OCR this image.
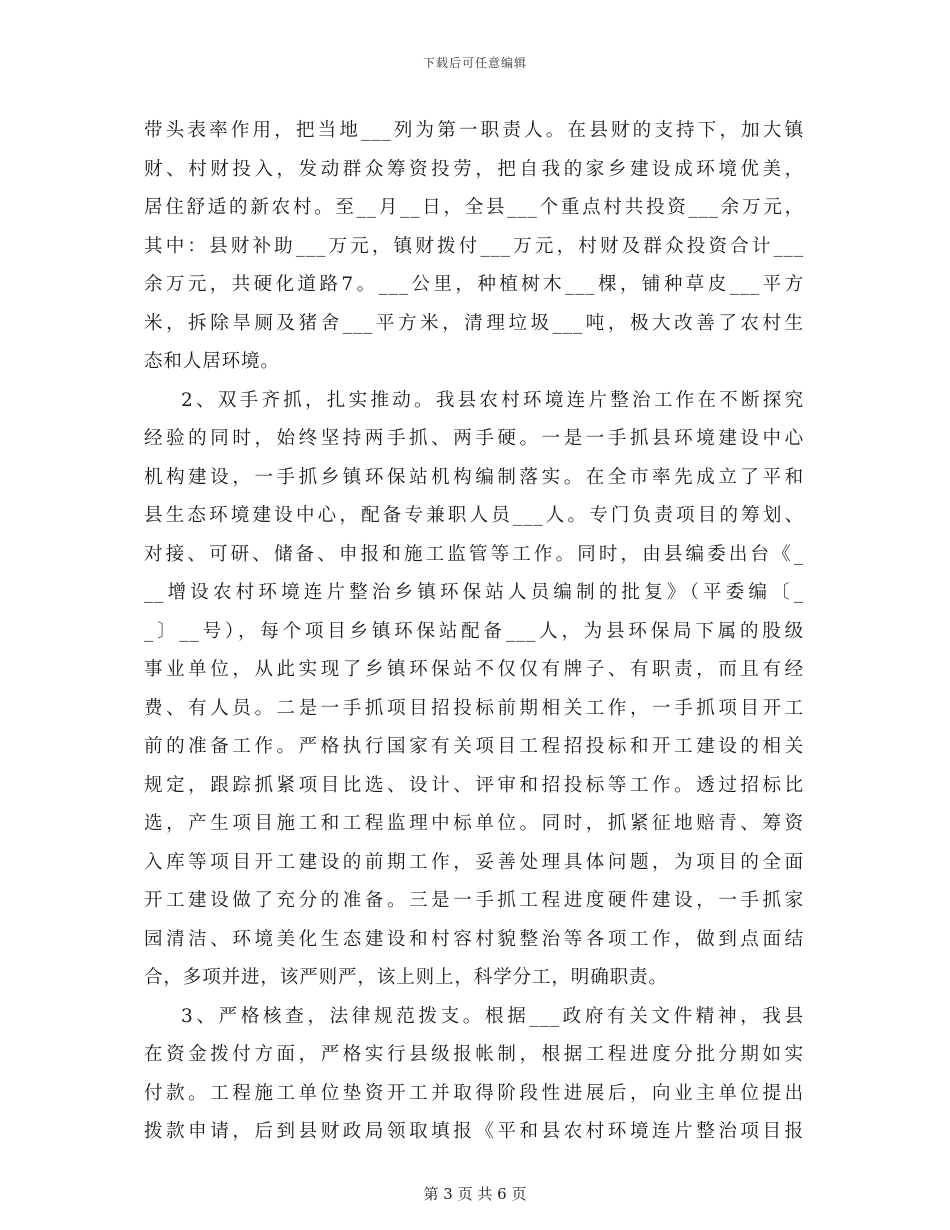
下载后可任意编辑
带头表率作用，把当地___列为第一职责人。在县财的支持下，加大镇
财、村财投入，发动群众筹资投劳，把自我的家乡建设成环境优美，
居住舒适的新农村。至__月__日，全县___个重点村共投资___余万元，
其中：县财补助___万元，镇财拨付___万元，村财及群众投资合计___
余万元，共硬化道路7。___公里，种植树木___棵，铺种草皮___平方
米，拆除旱厕及猪舍___平方米，清理垃圾___吨，极大改善了农村生
态和人居环境。
2、双手齐抓，扎实推动。我县农村环境连片整治工作在不断探究
经验的同时，始终坚持两手抓、两手硬。一是一手抓县环境建设中心
机构建设，一手抓乡镇环保站机构编制落实。在全市率先成立了平和
县生态环境建设中心，配备专兼职人员___人。专门负责项目的筹划、
对接、可研、储备、申报和施工监管等工作。同时，由县编委出台《_
__增设农村环境连片整治乡镇环保站人员编制的批复》（平委编〔_
_〕__号），每个项目乡镇环保站配备___人，为县环保局下属的股级
事业单位，从此实现了乡镇环保站不仅仅有牌子、有职责，而且有经
费、有人员。二是一手抓项目招投标前期相关工作，一手抓项目开工
前的准备工作。严格执行国家有关项目工程招投标和开工建设的相关
规定，跟踪抓紧项目比选、设计、评审和招投标等工作。透过招标比
选，产生项目施工和工程监理中标单位。同时，抓紧征地赔青、筹资
入库等项目开工建设的前期工作，妥善处理具体问题，为项目的全面
开工建设做了充分的准备。三是一手抓工程进度硬件建设，一手抓家
园清洁、环境美化生态建设和村容村貌整治等各项工作，做到点面结
合，多项并进，该严则严，该上则上，科学分工，明确职责。
3、严格核查，法律规范拨支。根据___政府有关文件精神，我县
在资金拨付方面，严格实行县级报帐制，根据工程进度分批分期如实
付款。工程施工单位垫资开工并取得阶段性进展后，向业主单位提出
拨款申请，后到县财政局领取填报《平和县农村环境连片整治项目报
第 3 页 共 6 页
